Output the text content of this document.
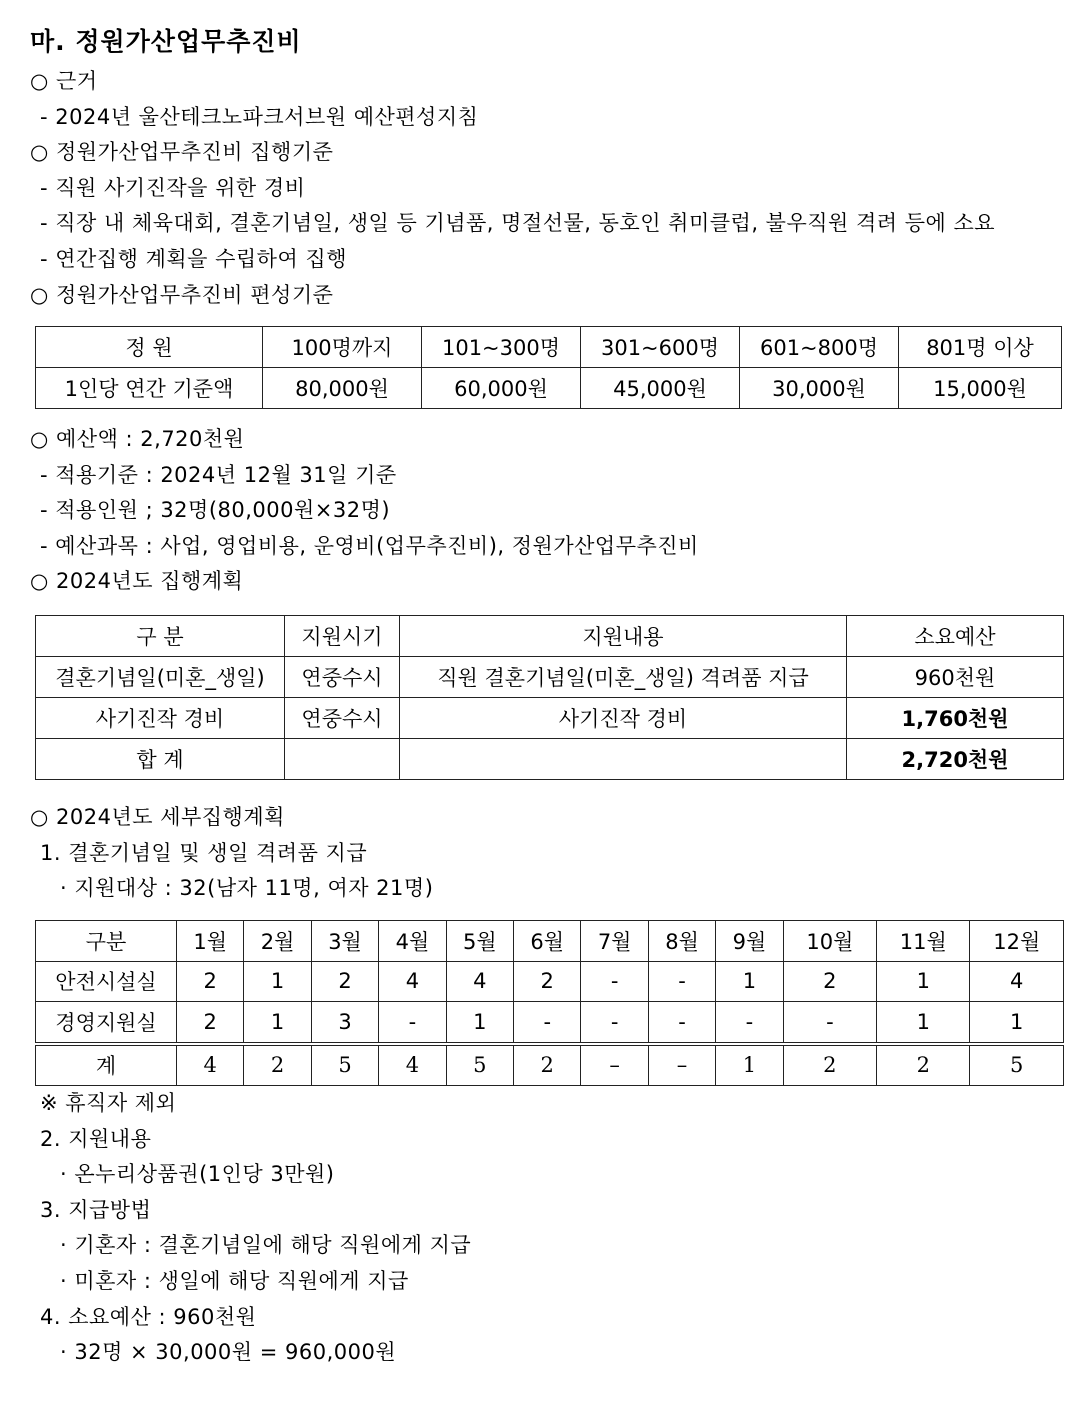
마. 정원가산업무추진비
○ 근거
- 2024년 울산테크노파크서브원 예산편성지침
○ 정원가산업무추진비 집행기준
- 직원 사기진작을 위한 경비
- 직장 내 체육대회, 결혼기념일, 생일 등 기념품, 명절선물, 동호인 취미클럽, 불우직원 격려 등에 소요
- 연간집행 계획을 수립하여 집행
○ 정원가산업무추진비 편성기준
정 원	100명까지	101~300명	301~600명	601~800명	801명 이상
1인당 연간 기준액	80,000원	60,000원	45,000원	30,000원	15,000원
○ 예산액 : 2,720천원
- 적용기준 : 2024년 12월 31일 기준
- 적용인원 ; 32명(80,000원×32명)
- 예산과목 : 사업, 영업비용, 운영비(업무추진비), 정원가산업무추진비
○ 2024년도 집행계획
구 분	지원시기	지원내용	소요예산
결혼기념일(미혼_생일)	연중수시	직원 결혼기념일(미혼_생일) 격려품 지급	960천원
사기진작 경비	연중수시	사기진작 경비	1,760천원
합 계			2,720천원
○ 2024년도 세부집행계획
1. 결혼기념일 및 생일 격려품 지급
· 지원대상 : 32(남자 11명, 여자 21명)
구분	1월	2월	3월	4월	5월	6월	7월	8월	9월	10월	11월	12월
안전시설실	2	1	2	4	4	2	-	-	1	2	1	4
경영지원실	2	1	3	-	1	-	-	-	-	-	1	1
계	4	2	5	4	5	2	–	–	1	2	2	5
※ 휴직자 제외
2. 지원내용
· 온누리상품권(1인당 3만원)
3. 지급방법
· 기혼자 : 결혼기념일에 해당 직원에게 지급
· 미혼자 : 생일에 해당 직원에게 지급
4. 소요예산 : 960천원
· 32명 × 30,000원 = 960,000원
